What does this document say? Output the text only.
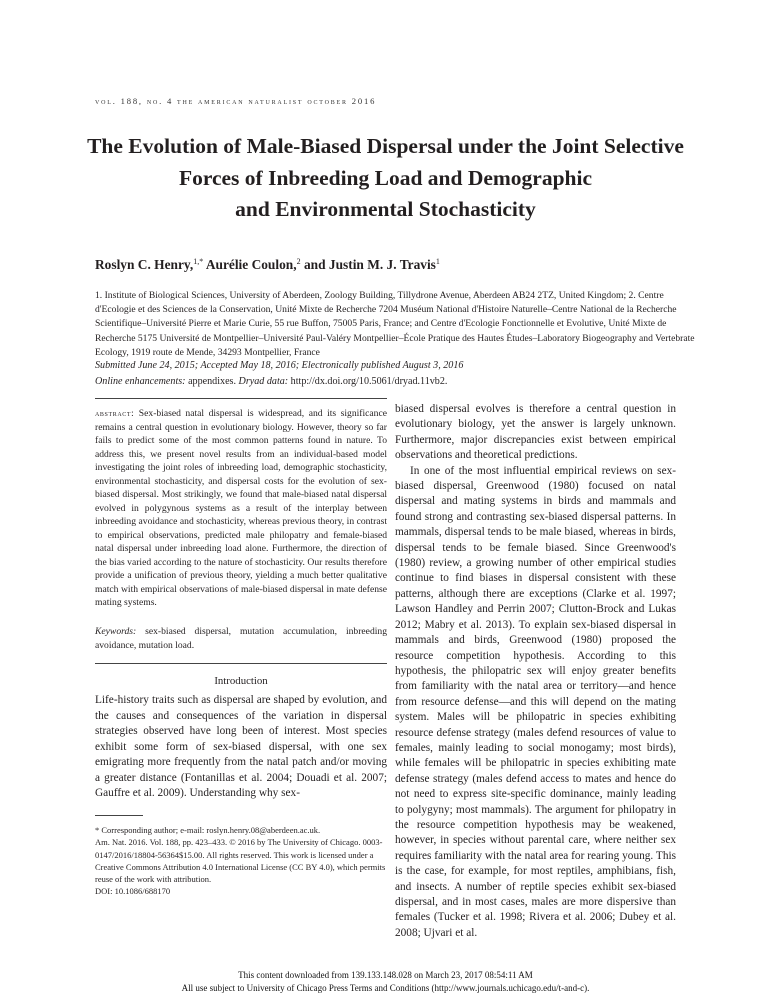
vol. 188, no. 4 the american naturalist october 2016
The Evolution of Male-Biased Dispersal under the Joint Selective
Forces of Inbreeding Load and Demographic
and Environmental Stochasticity
Roslyn C. Henry,$^{1,*}$ Aurélie Coulon,$^2$ and Justin M. J. Travis$^1$
1. Institute of Biological Sciences, University of Aberdeen, Zoology Building, Tillydrone Avenue, Aberdeen AB24 2TZ, United Kingdom; 2. Centre d'Ecologie et des Sciences de la Conservation, Unité Mixte de Recherche 7204 Muséum National d'Histoire Naturelle–Centre National de la Recherche Scientifique–Université Pierre et Marie Curie, 55 rue Buffon, 75005 Paris, France; and Centre d'Ecologie Fonctionnelle et Evolutive, Unité Mixte de Recherche 5175 Université de Montpellier–Université Paul-Valéry Montpellier–École Pratique des Hautes Études–Laboratory Biogeography and Vertebrate Ecology, 1919 route de Mende, 34293 Montpellier, France
Submitted June 24, 2015; Accepted May 18, 2016; Electronically published August 3, 2016
Online enhancements: appendixes. Dryad data: http://dx.doi.org/10.5061/dryad.11vb2.
abstract: Sex-biased natal dispersal is widespread, and its significance remains a central question in evolutionary biology. However, theory so far fails to predict some of the most common patterns found in nature. To address this, we present novel results from an individual-based model investigating the joint roles of inbreeding load, demographic stochasticity, environmental stochasticity, and dispersal costs for the evolution of sex-biased dispersal. Most strikingly, we found that male-biased natal dispersal evolved in polygynous systems as a result of the interplay between inbreeding avoidance and stochasticity, whereas previous theory, in contrast to empirical observations, predicted male philopatry and female-biased natal dispersal under inbreeding load alone. Furthermore, the direction of the bias varied according to the nature of stochasticity. Our results therefore provide a unification of previous theory, yielding a much better qualitative match with empirical observations of male-biased dispersal in mate defense mating systems.
Keywords: sex-biased dispersal, mutation accumulation, inbreeding avoidance, mutation load.
Introduction
Life-history traits such as dispersal are shaped by evolution, and the causes and consequences of the variation in dispersal strategies observed have long been of interest. Most species exhibit some form of sex-biased dispersal, with one sex emigrating more frequently from the natal patch and/or moving a greater distance (Fontanillas et al. 2004; Douadi et al. 2007; Gauffre et al. 2009). Understanding why sex-

* Corresponding author; e-mail: roslyn.henry.08@aberdeen.ac.uk.

Am. Nat. 2016. Vol. 188, pp. 423–433. © 2016 by The University of Chicago. 0003-0147/2016/18804-56364$15.00. All rights reserved. This work is licensed under a Creative Commons Attribution 4.0 International License (CC BY 4.0), which permits reuse of the work with attribution.

DOI: 10.1086/688170

biased dispersal evolves is therefore a central question in evolutionary biology, yet the answer is largely unknown. Furthermore, major discrepancies exist between empirical observations and theoretical predictions.

In one of the most influential empirical reviews on sex-biased dispersal, Greenwood (1980) focused on natal dispersal and mating systems in birds and mammals and found strong and contrasting sex-biased dispersal patterns. In mammals, dispersal tends to be male biased, whereas in birds, dispersal tends to be female biased. Since Greenwood's (1980) review, a growing number of other empirical studies continue to find biases in dispersal consistent with these patterns, although there are exceptions (Clarke et al. 1997; Lawson Handley and Perrin 2007; Clutton-Brock and Lukas 2012; Mabry et al. 2013). To explain sex-biased dispersal in mammals and birds, Greenwood (1980) proposed the resource competition hypothesis. According to this hypothesis, the philopatric sex will enjoy greater benefits from familiarity with the natal area or territory—and hence from resource defense—and this will depend on the mating system. Males will be philopatric in species exhibiting resource defense strategy (males defend resources of value to females, mainly leading to social monogamy; most birds), while females will be philopatric in species exhibiting mate defense strategy (males defend access to mates and hence do not need to express site-specific dominance, mainly leading to polygyny; most mammals). The argument for philopatry in the resource competition hypothesis may be weakened, however, in species without parental care, where neither sex requires familiarity with the natal area for rearing young. This is the case, for example, for most reptiles, amphibians, fish, and insects. A number of reptile species exhibit sex-biased dispersal, and in most cases, males are more dispersive than females (Tucker et al. 1998; Rivera et al. 2006; Dubey et al. 2008; Ujvari et al.

This content downloaded from 139.133.148.028 on March 23, 2017 08:54:11 AM
All use subject to University of Chicago Press Terms and Conditions (http://www.journals.uchicago.edu/t-and-c).
